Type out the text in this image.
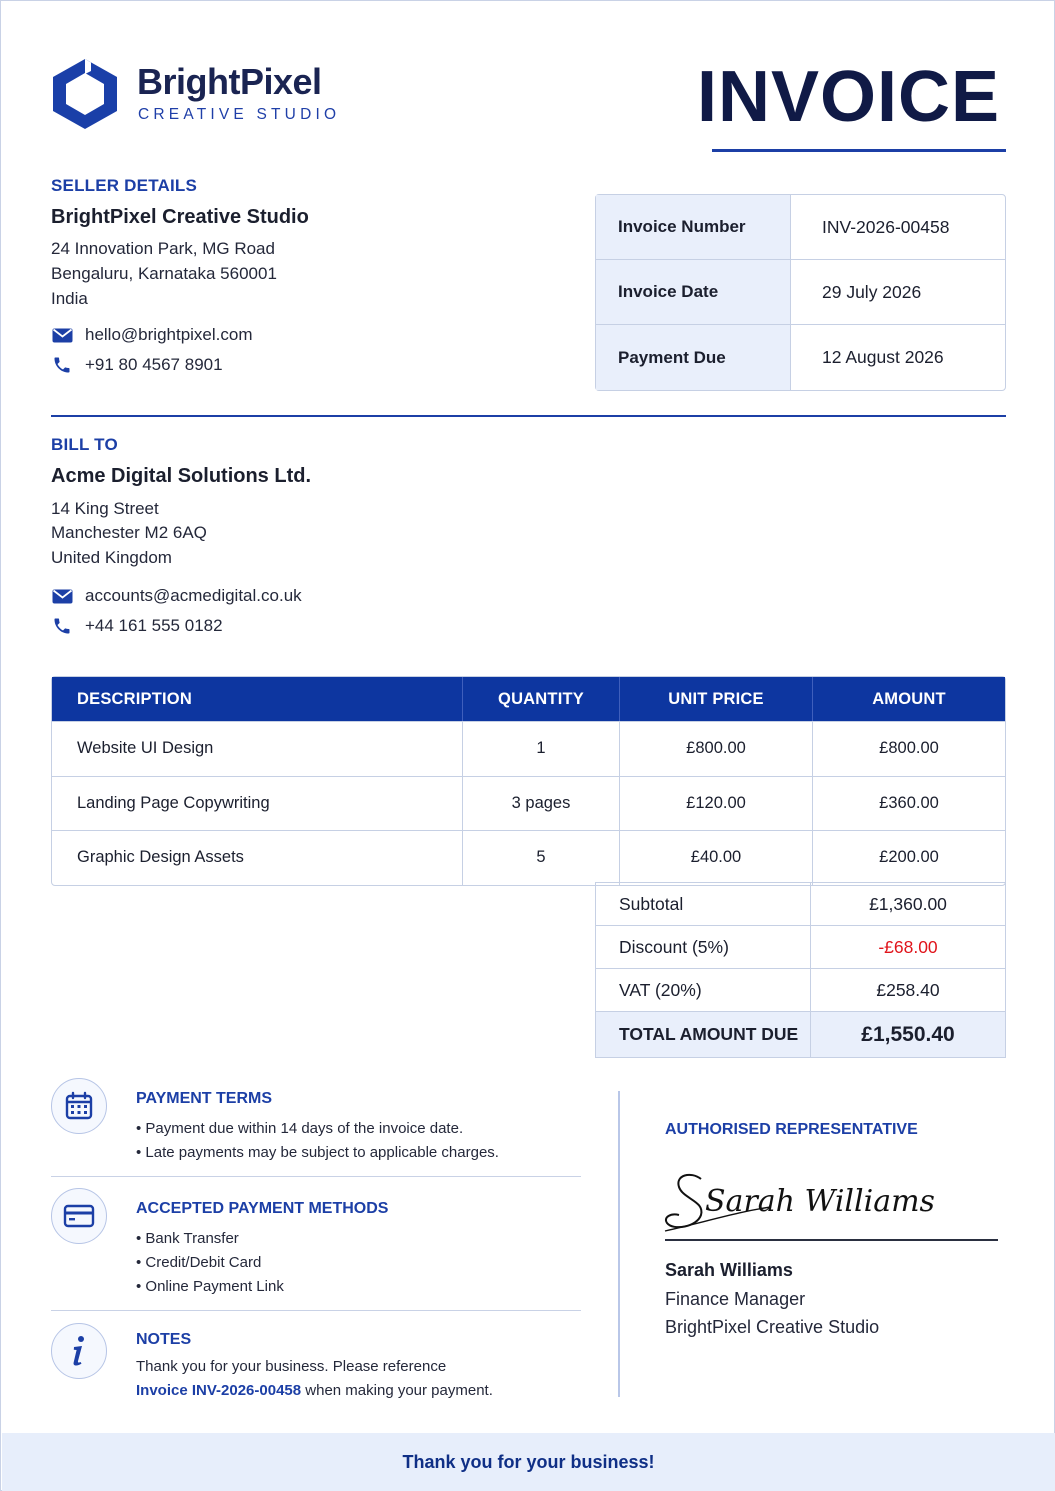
BrightPixel
CREATIVE STUDIO	INVOICE
SELLER DETAILS
BrightPixel Creative Studio
24 Innovation Park, MG Road
Bengaluru, Karnataka 560001
India
hello@brightpixel.com
+91 80 4567 8901
Invoice Number	INV-2026-00458
Invoice Date	29 July 2026
Payment Due	12 August 2026
BILL TO
Acme Digital Solutions Ltd.
14 King Street
Manchester M2 6AQ
United Kingdom
accounts@acmedigital.co.uk
+44 161 555 0182
DESCRIPTION	QUANTITY	UNIT PRICE	AMOUNT
Website UI Design	1	£800.00	£800.00
Landing Page Copywriting	3 pages	£120.00	£360.00
Graphic Design Assets	5	£40.00	£200.00
Subtotal	£1,360.00
Discount (5%)	-£68.00
VAT (20%)	£258.40
TOTAL AMOUNT DUE	£1,550.40
PAYMENT TERMS
• Payment due within 14 days of the invoice date.
• Late payments may be subject to applicable charges.
ACCEPTED PAYMENT METHODS
• Bank Transfer
• Credit/Debit Card
• Online Payment Link
NOTES
Thank you for your business. Please reference
Invoice INV-2026-00458 when making your payment.
AUTHORISED REPRESENTATIVE
Sarah Williams
Sarah Williams
Finance Manager
BrightPixel Creative Studio
Thank you for your business!
